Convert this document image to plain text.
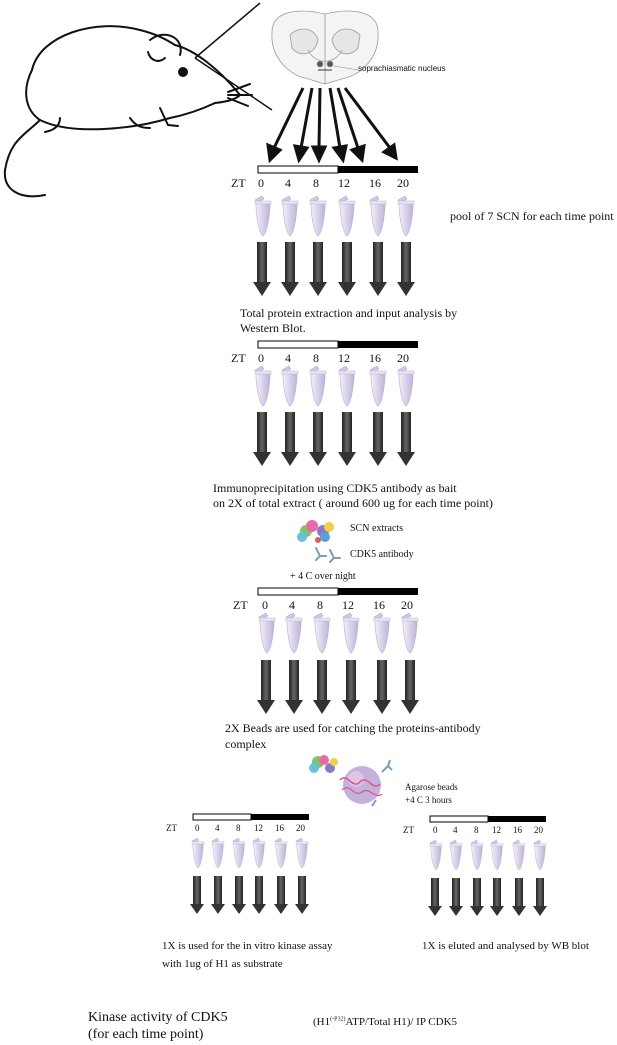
soprachiasmatic nucleus
ZT 0 4 8 12 16 20
pool of 7 SCN for each time point
Total protein extraction and input analysis by
Western Blot.
ZT 0 4 8 12 16 20
Immunoprecipitation using CDK5 antibody as bait
on 2X of total extract ( around 600 ug for each time point)
SCN extracts
CDK5 antibody
+ 4 C over night
ZT 0 4 8 12 16 20
2X Beads are used for catching the proteins-antibody
complex
Agarose beads
+4 C 3 hours
ZT 0 4 8 12 16 20	ZT 0 4 8 12 16 20
1X is used for the in vitro kinase assay
with 1ug of H1 as substrate
1X is eluted and analysed by WB blot
Kinase activity of CDK5
(for each time point)
($H1^{(-P32)}ATP$/Total H1)/ IP CDK5
